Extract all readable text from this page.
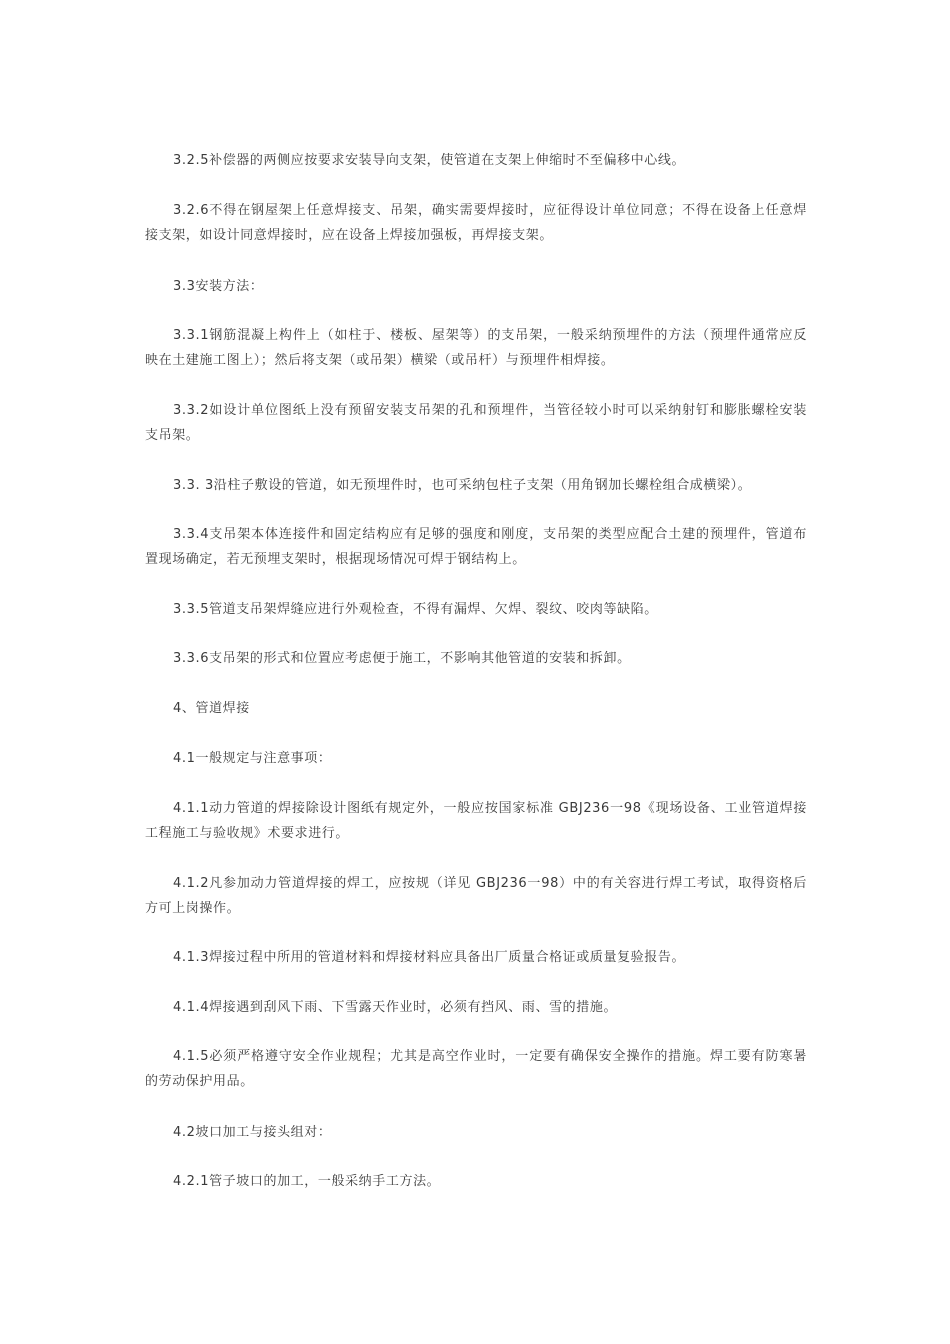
3.2.5补偿器的两侧应按要求安装导向支架，使管道在支架上伸缩时不至偏移中心线。

3.2.6不得在钢屋架上任意焊接支、吊架，确实需要焊接时，应征得设计单位同意；不得在设备上任意焊接支架，如设计同意焊接时，应在设备上焊接加强板，再焊接支架。

3.3安装方法：

3.3.1钢筋混凝上构件上（如柱于、楼板、屋架等）的支吊架，一般采纳预埋件的方法（预埋件通常应反映在土建施工图上）；然后将支架（或吊架）横梁（或吊杆）与预埋件相焊接。

3.3.2如设计单位图纸上没有预留安装支吊架的孔和预埋件，当管径较小时可以采纳射钉和膨胀螺栓安装支吊架。

3.3. 3沿柱子敷设的管道，如无预埋件时，也可采纳包柱子支架（用角钢加长螺栓组合成横梁）。

3.3.4支吊架本体连接件和固定结构应有足够的强度和刚度，支吊架的类型应配合土建的预埋件，管道布置现场确定，若无预埋支架时，根据现场情况可焊于钢结构上。

3.3.5管道支吊架焊缝应进行外观检查，不得有漏焊、欠焊、裂纹、咬肉等缺陷。

3.3.6支吊架的形式和位置应考虑便于施工，不影响其他管道的安装和拆卸。

4、管道焊接

4.1一般规定与注意事项：

4.1.1动力管道的焊接除设计图纸有规定外，一般应按国家标准 GBJ236一98《现场设备、工业管道焊接工程施工与验收规》术要求进行。

4.1.2凡参加动力管道焊接的焊工，应按规（详见 GBJ236一98）中的有关容进行焊工考试，取得资格后方可上岗操作。

4.1.3焊接过程中所用的管道材料和焊接材料应具备出厂质量合格证或质量复验报告。

4.1.4焊接遇到刮风下雨、下雪露天作业时，必须有挡风、雨、雪的措施。

4.1.5必须严格遵守安全作业规程；尤其是高空作业时，一定要有确保安全操作的措施。焊工要有防寒暑的劳动保护用品。

4.2坡口加工与接头组对：

4.2.1管子坡口的加工，一般采纳手工方法。
